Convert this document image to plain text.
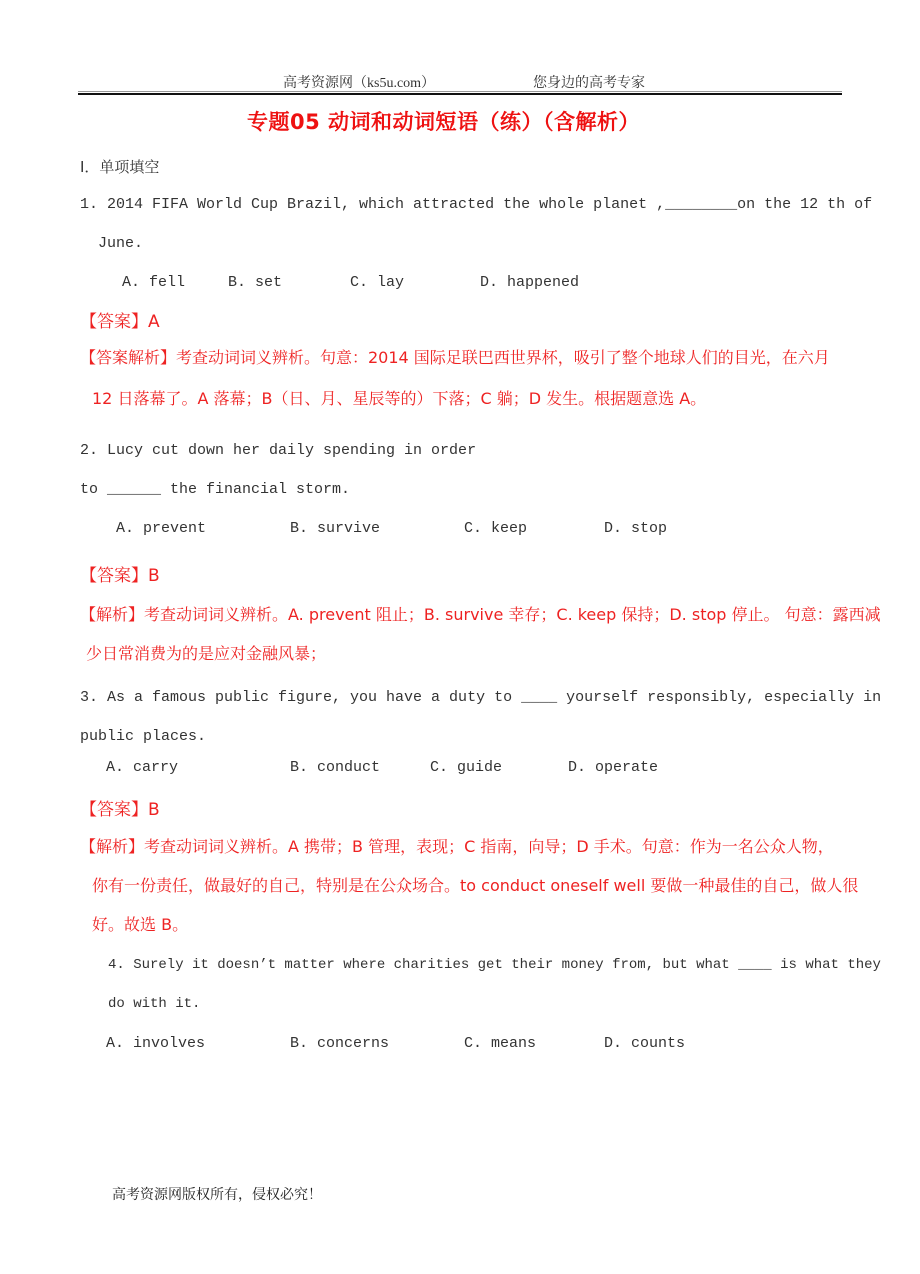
高考资源网（ks5u.com）	您身边的高考专家
专题05 动词和动词短语（练）（含解析）
I．单项填空
1. 2014 FIFA World Cup Brazil, which attracted the whole planet ,________on the 12 th of
June.
A. fell	B. set	C. lay	D. happened
【答案】A
【答案解析】考查动词词义辨析。句意：2014 国际足联巴西世界杯，吸引了整个地球人们的目光，在六月
12 日落幕了。A 落幕；B（日、月、星辰等的）下落；C 躺；D 发生。根据题意选 A。
2. Lucy cut down her daily spending in order
to ______ the financial storm.
A. prevent	B. survive	C. keep	D. stop
【答案】B
【解析】考查动词词义辨析。A. prevent 阻止；B. survive 幸存；C. keep 保持；D. stop 停止。 句意：露西减
少日常消费为的是应对金融风暴；
3. As a famous public figure, you have a duty to ____ yourself responsibly, especially in
public places.
A. carry	B. conduct	C. guide	D. operate
【答案】B
【解析】考查动词词义辨析。A 携带；B 管理，表现；C 指南，向导；D 手术。句意：作为一名公众人物，
你有一份责任，做最好的自己，特别是在公众场合。to conduct oneself well 要做一种最佳的自己，做人很
好。故选 B。
4. Surely it doesn’t matter where charities get their money from, but what ____ is what they
do with it.
A. involves	B. concerns	C. means	D. counts
高考资源网版权所有，侵权必究！
